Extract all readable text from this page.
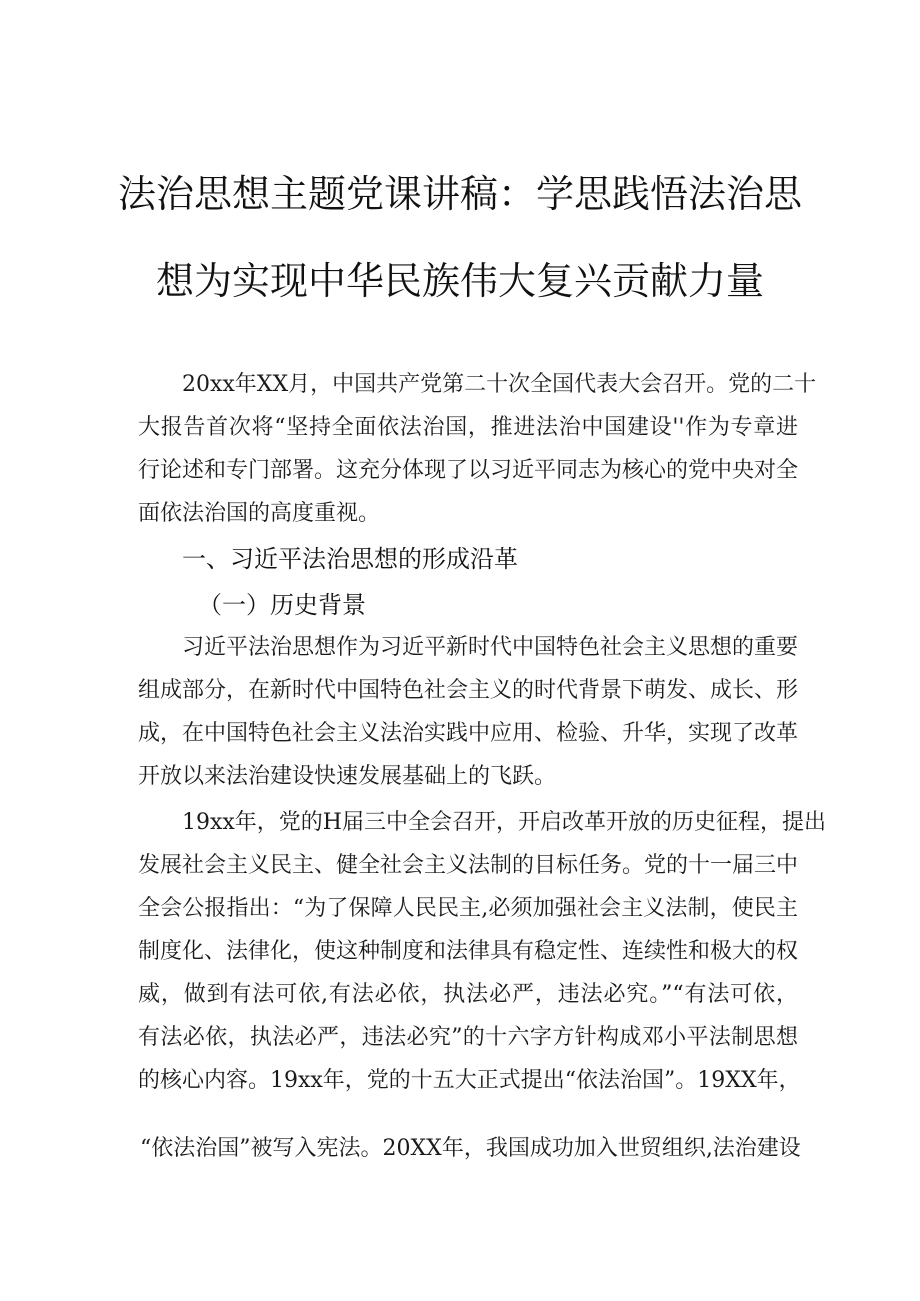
法治思想主题党课讲稿：学思践悟法治思
想为实现中华民族伟大复兴贡献力量
20xx年XX月，中国共产党第二十次全国代表大会召开。党的二十
大报告首次将“坚持全面依法治国，推进法治中国建设''作为专章进
行论述和专门部署。这充分体现了以习近平同志为核心的党中央对全
面依法治国的高度重视。
一、习近平法治思想的形成沿革
（一）历史背景
习近平法治思想作为习近平新时代中国特色社会主义思想的重要
组成部分，在新时代中国特色社会主义的时代背景下萌发、成长、形
成，在中国特色社会主义法治实践中应用、检验、升华，实现了改革
开放以来法治建设快速发展基础上的飞跃。
19xx年，党的H届三中全会召开，开启改革开放的历史征程，提出
发展社会主义民主、健全社会主义法制的目标任务。党的十一届三中
全会公报指出：“为了保障人民民主,必须加强社会主义法制，使民主
制度化、法律化，使这种制度和法律具有稳定性、连续性和极大的权
威，做到有法可依,有法必依，执法必严，违法必究。”“有法可依，
有法必依，执法必严，违法必究”的十六字方针构成邓小平法制思想
的核心内容。19xx年，党的十五大正式提出“依法治国”。19XX年，
“依法治国”被写入宪法。20XX年，我国成功加入世贸组织,法治建设
